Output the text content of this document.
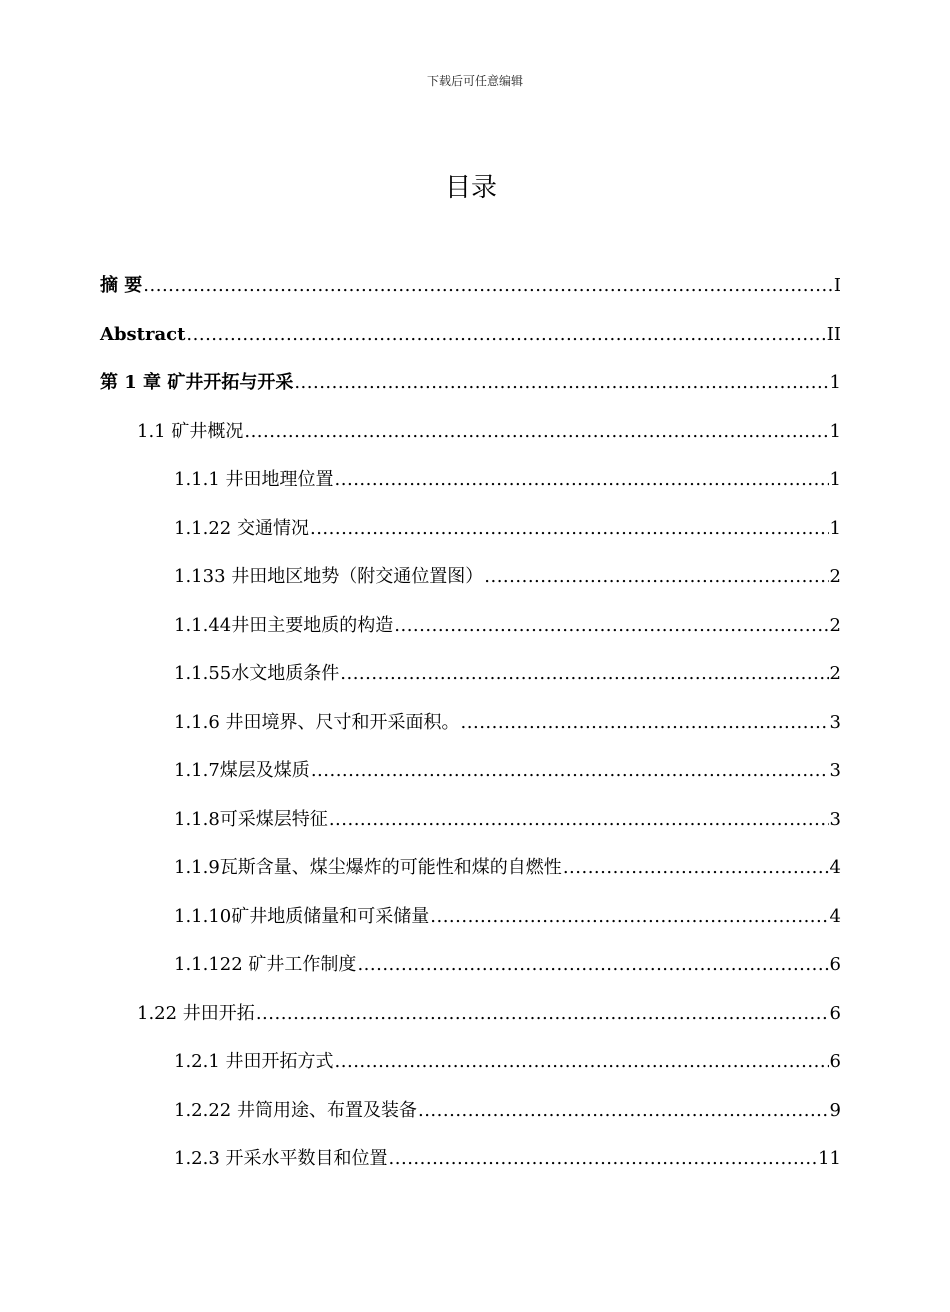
下载后可任意编辑
目录
摘 要 .....	I
Abstract .....	II
第 1 章 矿井开拓与开采 .....	1
1.1 矿井概况 .....	1
1.1.1 井田地理位置 .....	1
1.1.22 交通情况 .....	1
1.133 井田地区地势（附交通位置图） .....	2
1.1.44井田主要地质的构造 .....	2
1.1.55水文地质条件 .....	2
1.1.6 井田境界、尺寸和开采面积。 .....	3
1.1.7煤层及煤质 .....	3
1.1.8可采煤层特征 .....	3
1.1.9瓦斯含量、煤尘爆炸的可能性和煤的自燃性 .....	4
1.1.10矿井地质储量和可采储量 .....	4
1.1.122 矿井工作制度 .....	6
1.22 井田开拓 .....	6
1.2.1 井田开拓方式 .....	6
1.2.22 井筒用途、布置及装备 .....	9
1.2.3 开采水平数目和位置 .....	11
